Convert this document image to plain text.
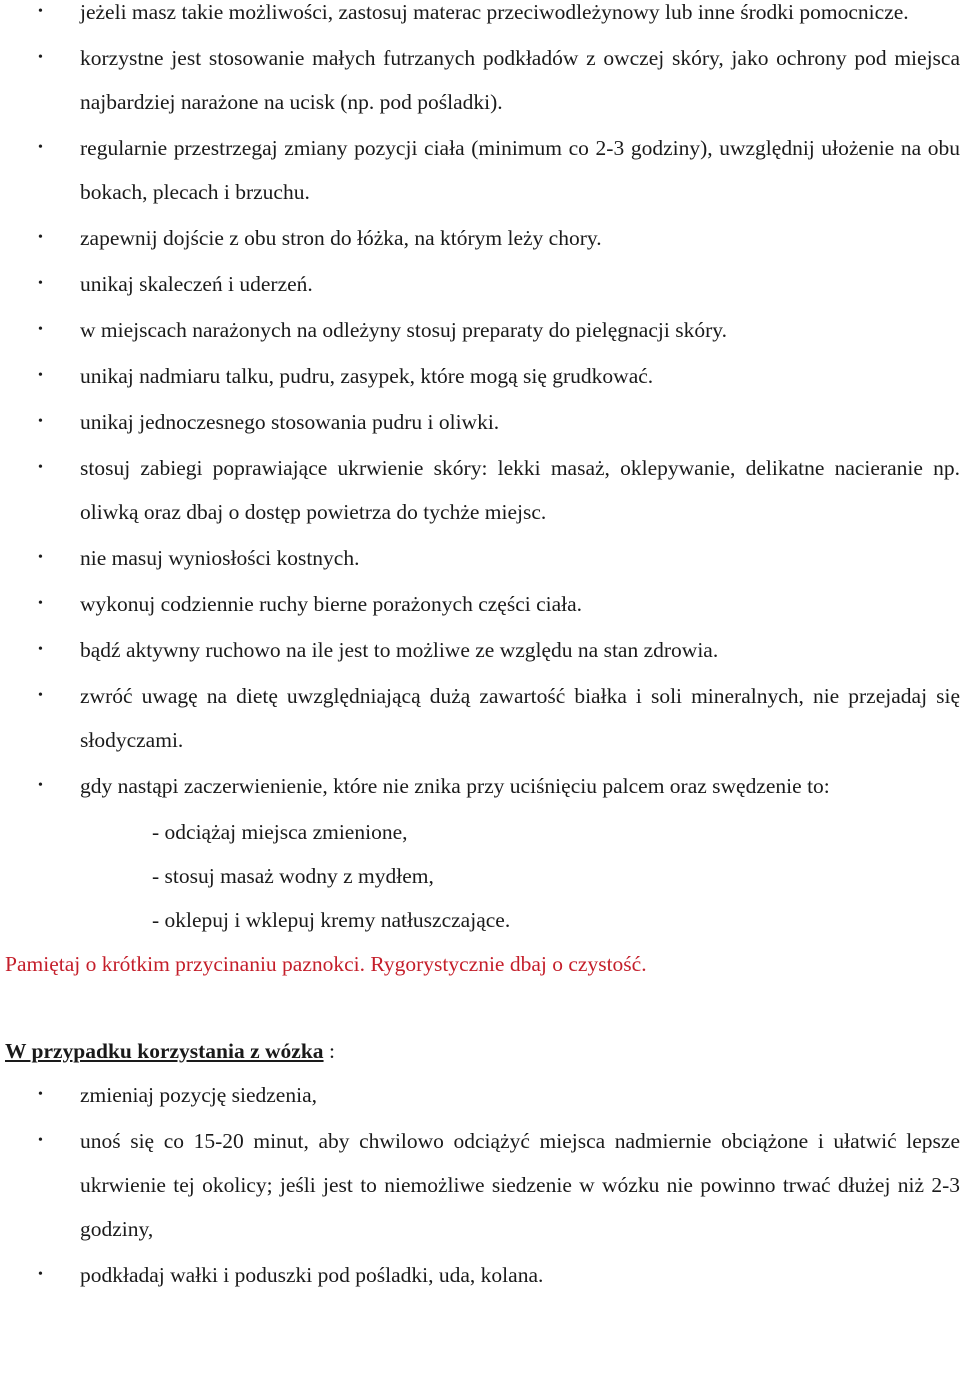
• jeżeli masz takie możliwości, zastosuj materac przeciwodleżynowy lub inne środki pomocnicze.
• korzystne jest stosowanie małych futrzanych podkładów z owczej skóry, jako ochrony pod miejsca najbardziej narażone na ucisk (np. pod pośladki).
• regularnie przestrzegaj zmiany pozycji ciała (minimum co 2-3 godziny), uwzględnij ułożenie na obu bokach, plecach i brzuchu.
• zapewnij dojście z obu stron do łóżka, na którym leży chory.
• unikaj skaleczeń i uderzeń.
• w miejscach narażonych na odleżyny stosuj preparaty do pielęgnacji skóry.
• unikaj nadmiaru talku, pudru, zasypek, które mogą się grudkować.
• unikaj jednoczesnego stosowania pudru i oliwki.
• stosuj zabiegi poprawiające ukrwienie skóry: lekki masaż, oklepywanie, delikatne nacieranie np. oliwką oraz dbaj o dostęp powietrza do tychże miejsc.
• nie masuj wyniosłości kostnych.
• wykonuj codziennie ruchy bierne porażonych części ciała.
• bądź aktywny ruchowo na ile jest to możliwe ze względu na stan zdrowia.
• zwróć uwagę na dietę uwzględniającą dużą zawartość białka i soli mineralnych, nie przejadaj się słodyczami.
• gdy nastąpi zaczerwienienie, które nie znika przy uciśnięciu palcem oraz swędzenie to:
- odciążaj miejsca zmienione,
- stosuj masaż wodny z mydłem,
- oklepuj i wklepuj kremy natłuszczające.
Pamiętaj o krótkim przycinaniu paznokci. Rygorystycznie dbaj o czystość.
W przypadku korzystania z wózka :
• zmieniaj pozycję siedzenia,
• unoś się co 15-20 minut, aby chwilowo odciążyć miejsca nadmiernie obciążone i ułatwić lepsze ukrwienie tej okolicy; jeśli jest to niemożliwe siedzenie w wózku nie powinno trwać dłużej niż 2-3 godziny,
• podkładaj wałki i poduszki pod pośladki, uda, kolana.
